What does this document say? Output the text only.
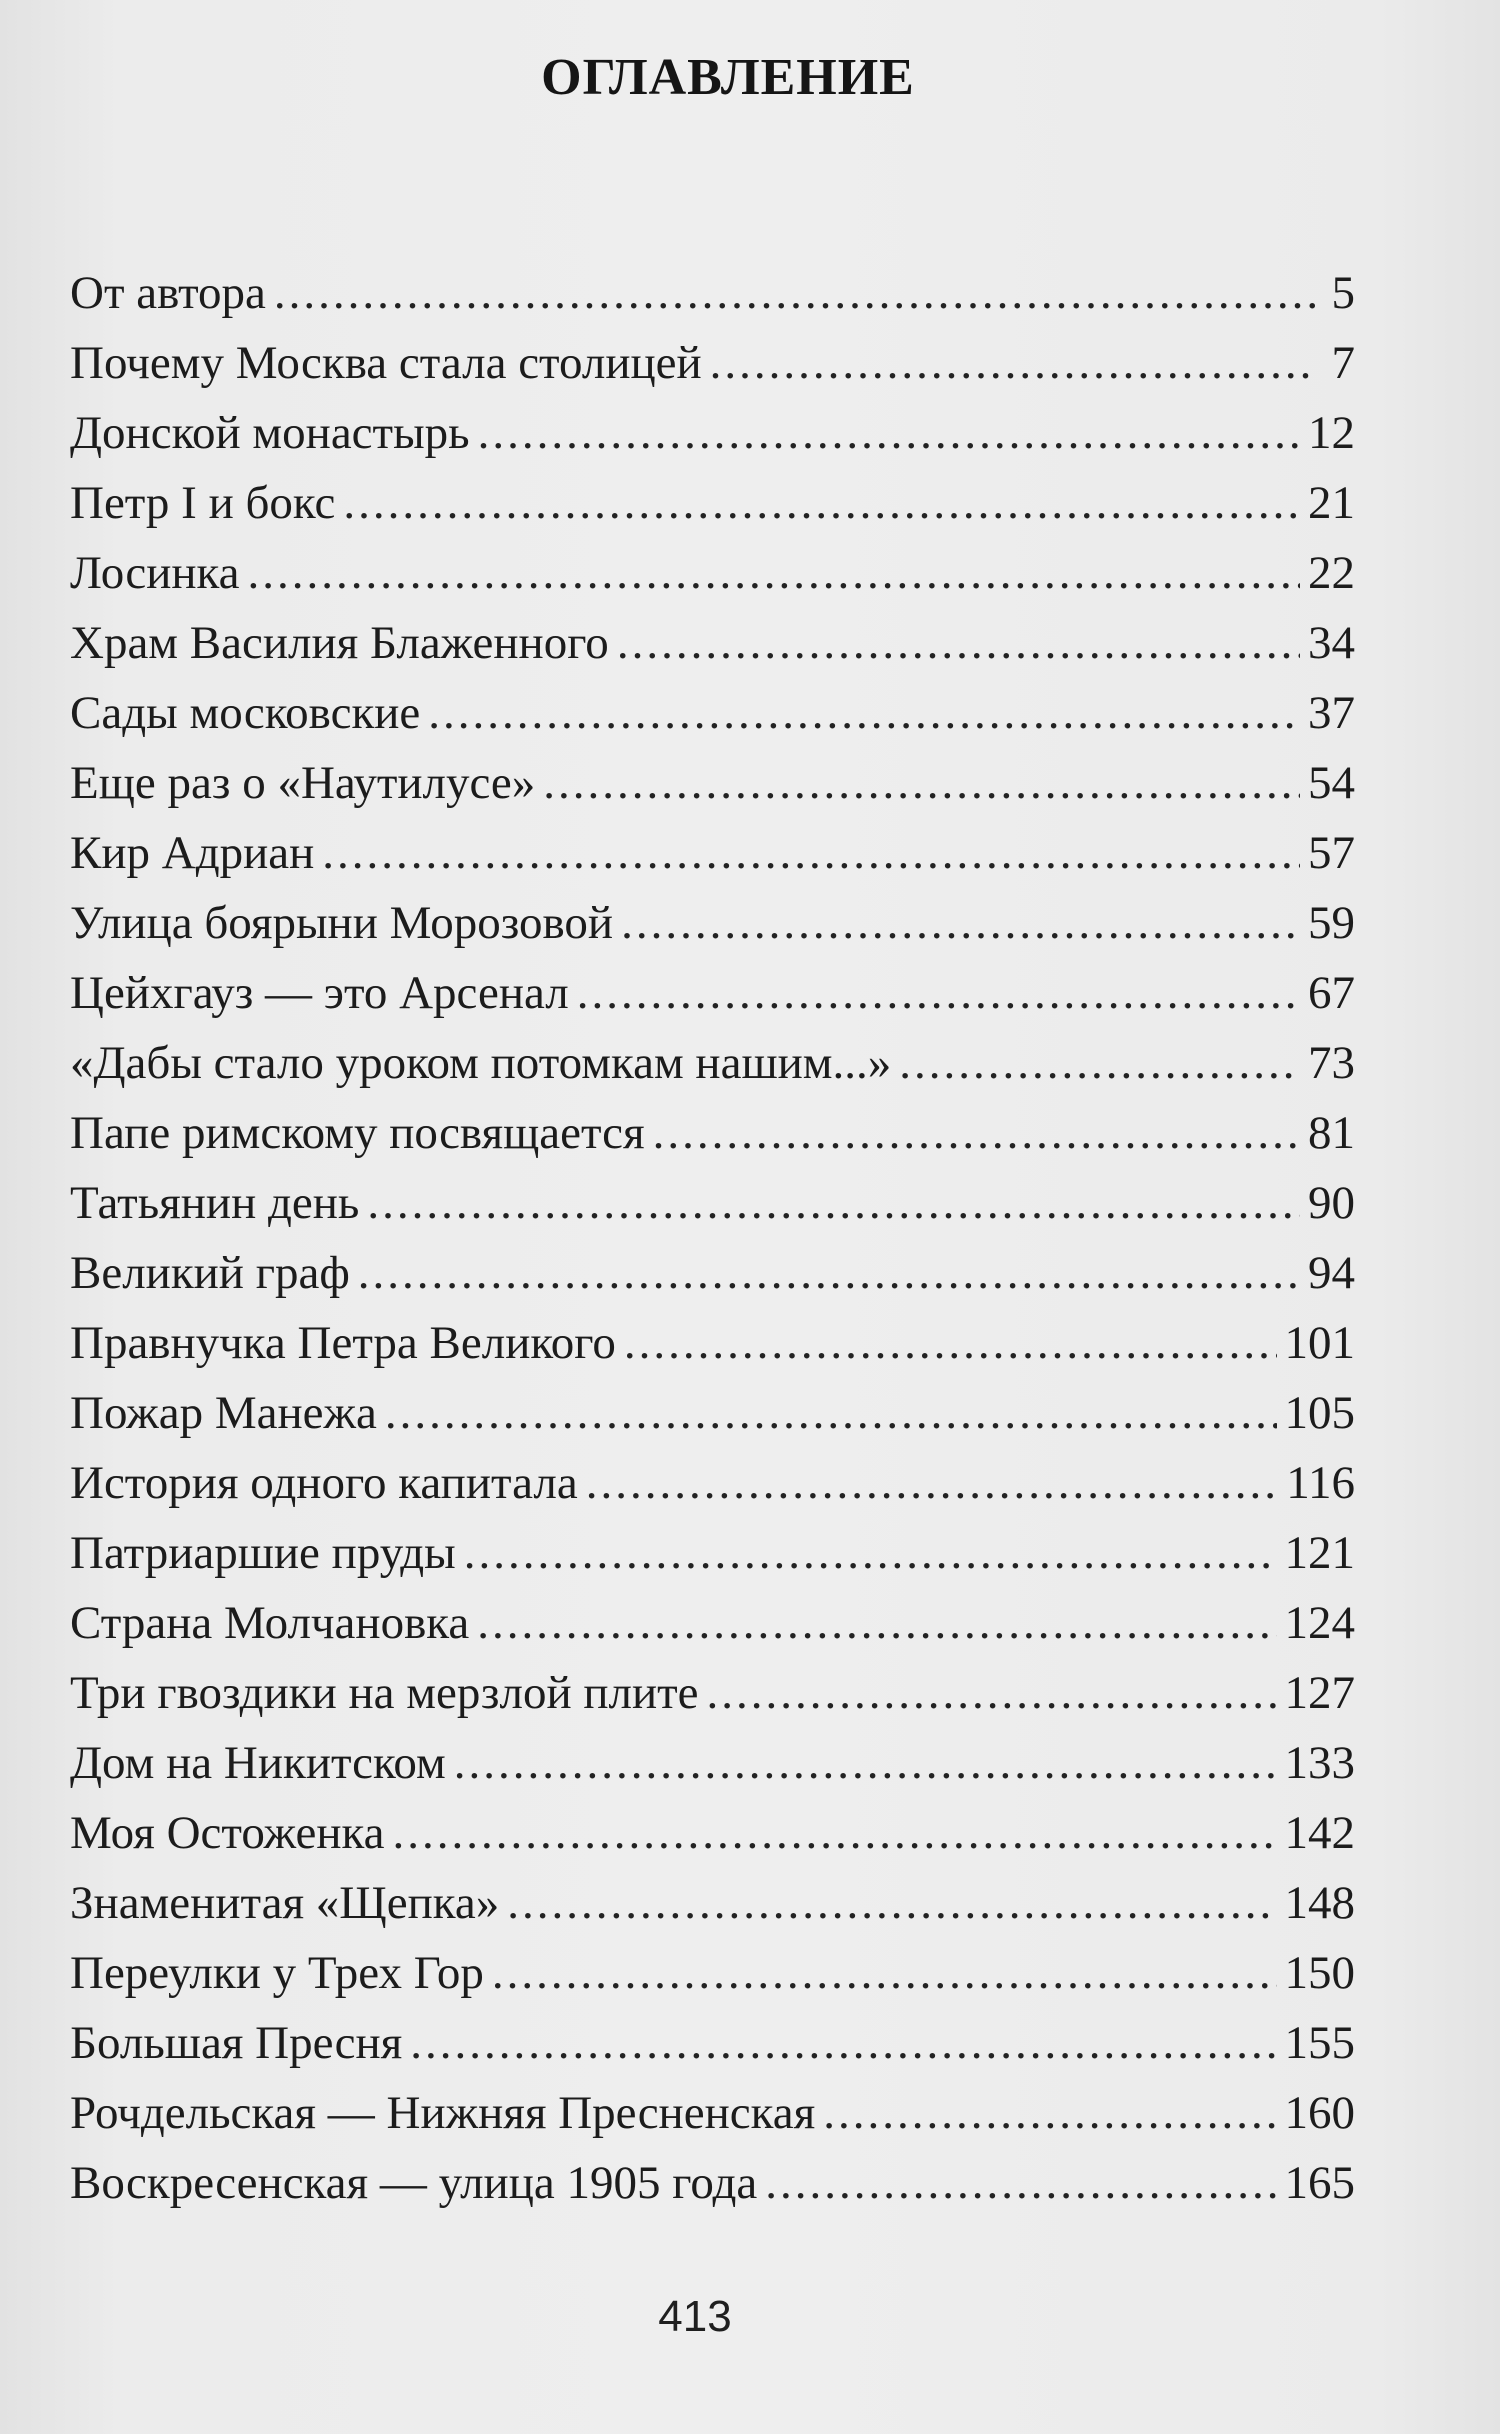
ОГЛАВЛЕНИЕ
От автора .....	5
Почему Москва стала столицей .....	7
Донской монастырь .....	12
Петр I и бокс .....	21
Лосинка .....	22
Храм Василия Блаженного .....	34
Сады московские .....	37
Еще раз о «Наутилусе» .....	54
Кир Адриан .....	57
Улица боярыни Морозовой .....	59
Цейхгауз — это Арсенал .....	67
«Дабы стало уроком потомкам нашим...» .....	73
Папе римскому посвящается .....	81
Татьянин день .....	90
Великий граф .....	94
Правнучка Петра Великого .....	101
Пожар Манежа .....	105
История одного капитала .....	116
Патриаршие пруды .....	121
Страна Молчановка .....	124
Три гвоздики на мерзлой плите .....	127
Дом на Никитском .....	133
Моя Остоженка .....	142
Знаменитая «Щепка» .....	148
Переулки у Трех Гор .....	150
Большая Пресня .....	155
Рочдельская — Нижняя Пресненская .....	160
Воскресенская — улица 1905 года .....	165
413
